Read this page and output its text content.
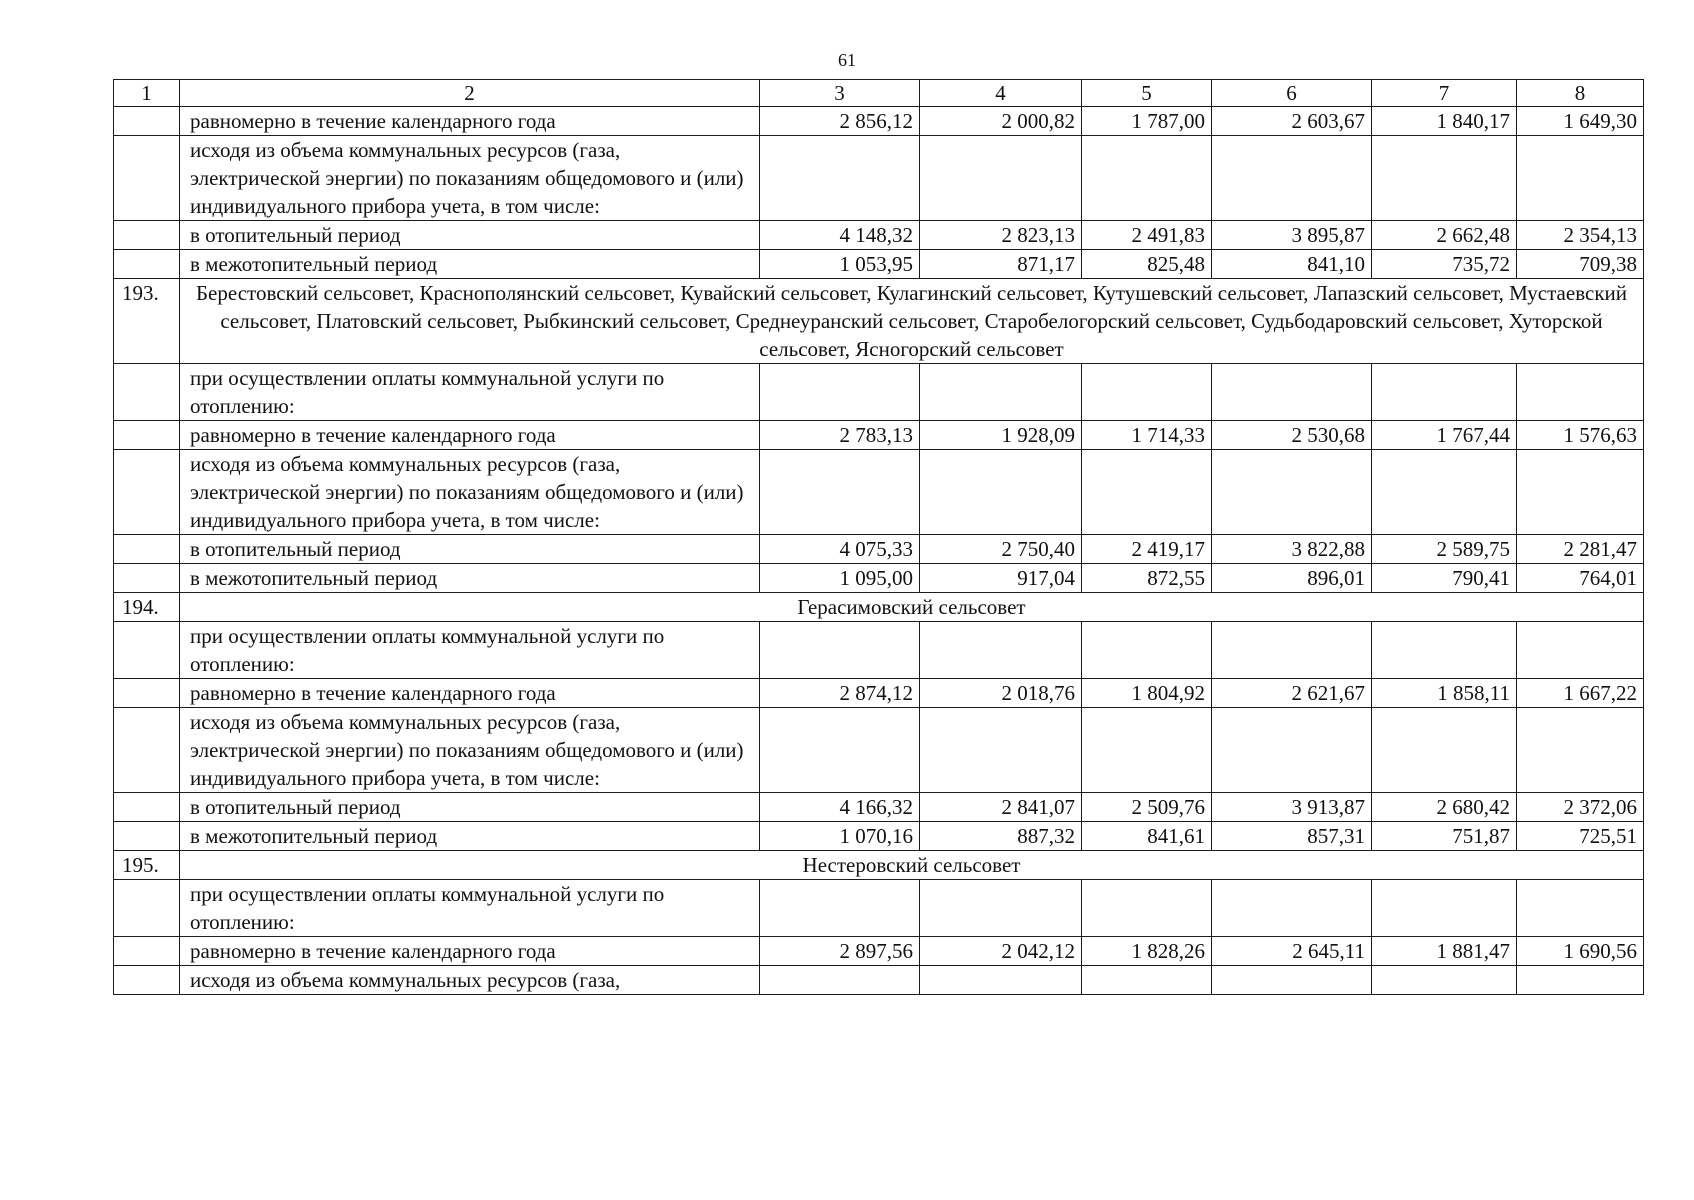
61
1	2	3	4	5	6	7	8
	равномерно в течение календарного года	2 856,12	2 000,82	1 787,00	2 603,67	1 840,17	1 649,30
	исходя из объема коммунальных ресурсов (газа, электрической энергии) по показаниям общедомового и (или) индивидуального прибора учета, в том числе:						
	в отопительный период	4 148,32	2 823,13	2 491,83	3 895,87	2 662,48	2 354,13
	в межотопительный период	1 053,95	871,17	825,48	841,10	735,72	709,38
193.	Берестовский сельсовет, Краснополянский сельсовет, Кувайский сельсовет, Кулагинский сельсовет, Кутушевский сельсовет, Лапазский сельсовет, Мустаевский сельсовет, Платовский сельсовет, Рыбкинский сельсовет, Среднеуранский сельсовет, Старобелогорский сельсовет, Судьбодаровский сельсовет, Хуторской сельсовет, Ясногорский сельсовет						
	при осуществлении оплаты коммунальной услуги по отоплению:						
	равномерно в течение календарного года	2 783,13	1 928,09	1 714,33	2 530,68	1 767,44	1 576,63
	исходя из объема коммунальных ресурсов (газа, электрической энергии) по показаниям общедомового и (или) индивидуального прибора учета, в том числе:						
	в отопительный период	4 075,33	2 750,40	2 419,17	3 822,88	2 589,75	2 281,47
	в межотопительный период	1 095,00	917,04	872,55	896,01	790,41	764,01
194.	Герасимовский сельсовет						
	при осуществлении оплаты коммунальной услуги по отоплению:						
	равномерно в течение календарного года	2 874,12	2 018,76	1 804,92	2 621,67	1 858,11	1 667,22
	исходя из объема коммунальных ресурсов (газа, электрической энергии) по показаниям общедомового и (или) индивидуального прибора учета, в том числе:						
	в отопительный период	4 166,32	2 841,07	2 509,76	3 913,87	2 680,42	2 372,06
	в межотопительный период	1 070,16	887,32	841,61	857,31	751,87	725,51
195.	Нестеровский сельсовет						
	при осуществлении оплаты коммунальной услуги по отоплению:						
	равномерно в течение календарного года	2 897,56	2 042,12	1 828,26	2 645,11	1 881,47	1 690,56
	исходя из объема коммунальных ресурсов (газа,						
